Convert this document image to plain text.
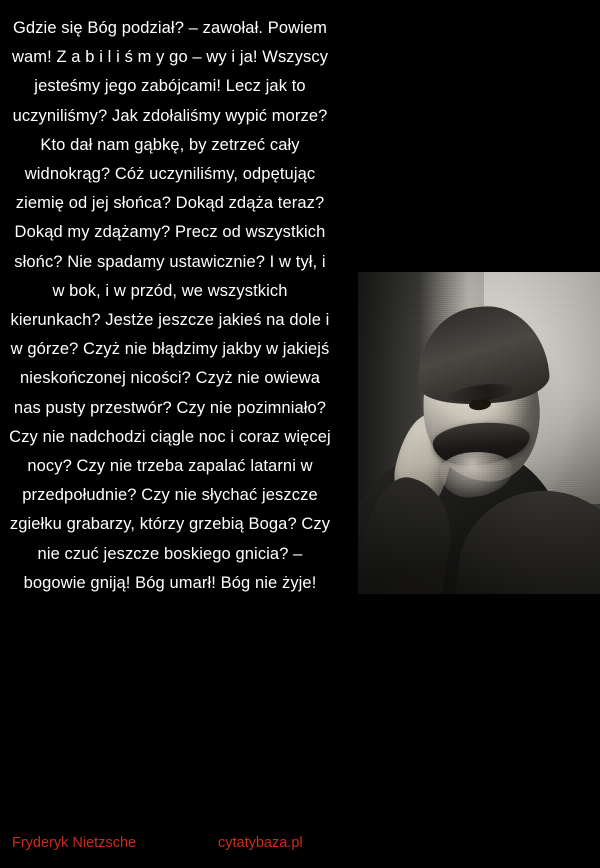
Gdzie się Bóg podział? – zawołał. Powiem wam! Z a b i l i ś m y go – wy i ja! Wszyscy jesteśmy jego zabójcami! Lecz jak to uczyniliśmy? Jak zdołaliśmy wypić morze? Kto dał nam gąbkę, by zetrzeć cały widnokrąg? Cóż uczyniliśmy, odpętując ziemię od jej słońca? Dokąd zdąża teraz? Dokąd my zdążamy? Precz od wszystkich słońc? Nie spadamy ustawicznie? I w tył, i w bok, i w przód, we wszystkich kierunkach? Jestże jeszcze jakieś na dole i w górze? Czyż nie błądzimy jakby w jakiejś nieskończonej nicości? Czyż nie owiewa nas pusty przestwór? Czy nie pozimniało? Czy nie nadchodzi ciągle noc i coraz więcej nocy? Czy nie trzeba zapalać latarni w przedpołudnie? Czy nie słychać jeszcze zgiełku grabarzy, którzy grzebią Boga? Czy nie czuć jeszcze boskiego gnicia? – bogowie gniją! Bóg umarł! Bóg nie żyje!
Fryderyk Nietzsche	cytatybaza.pl
